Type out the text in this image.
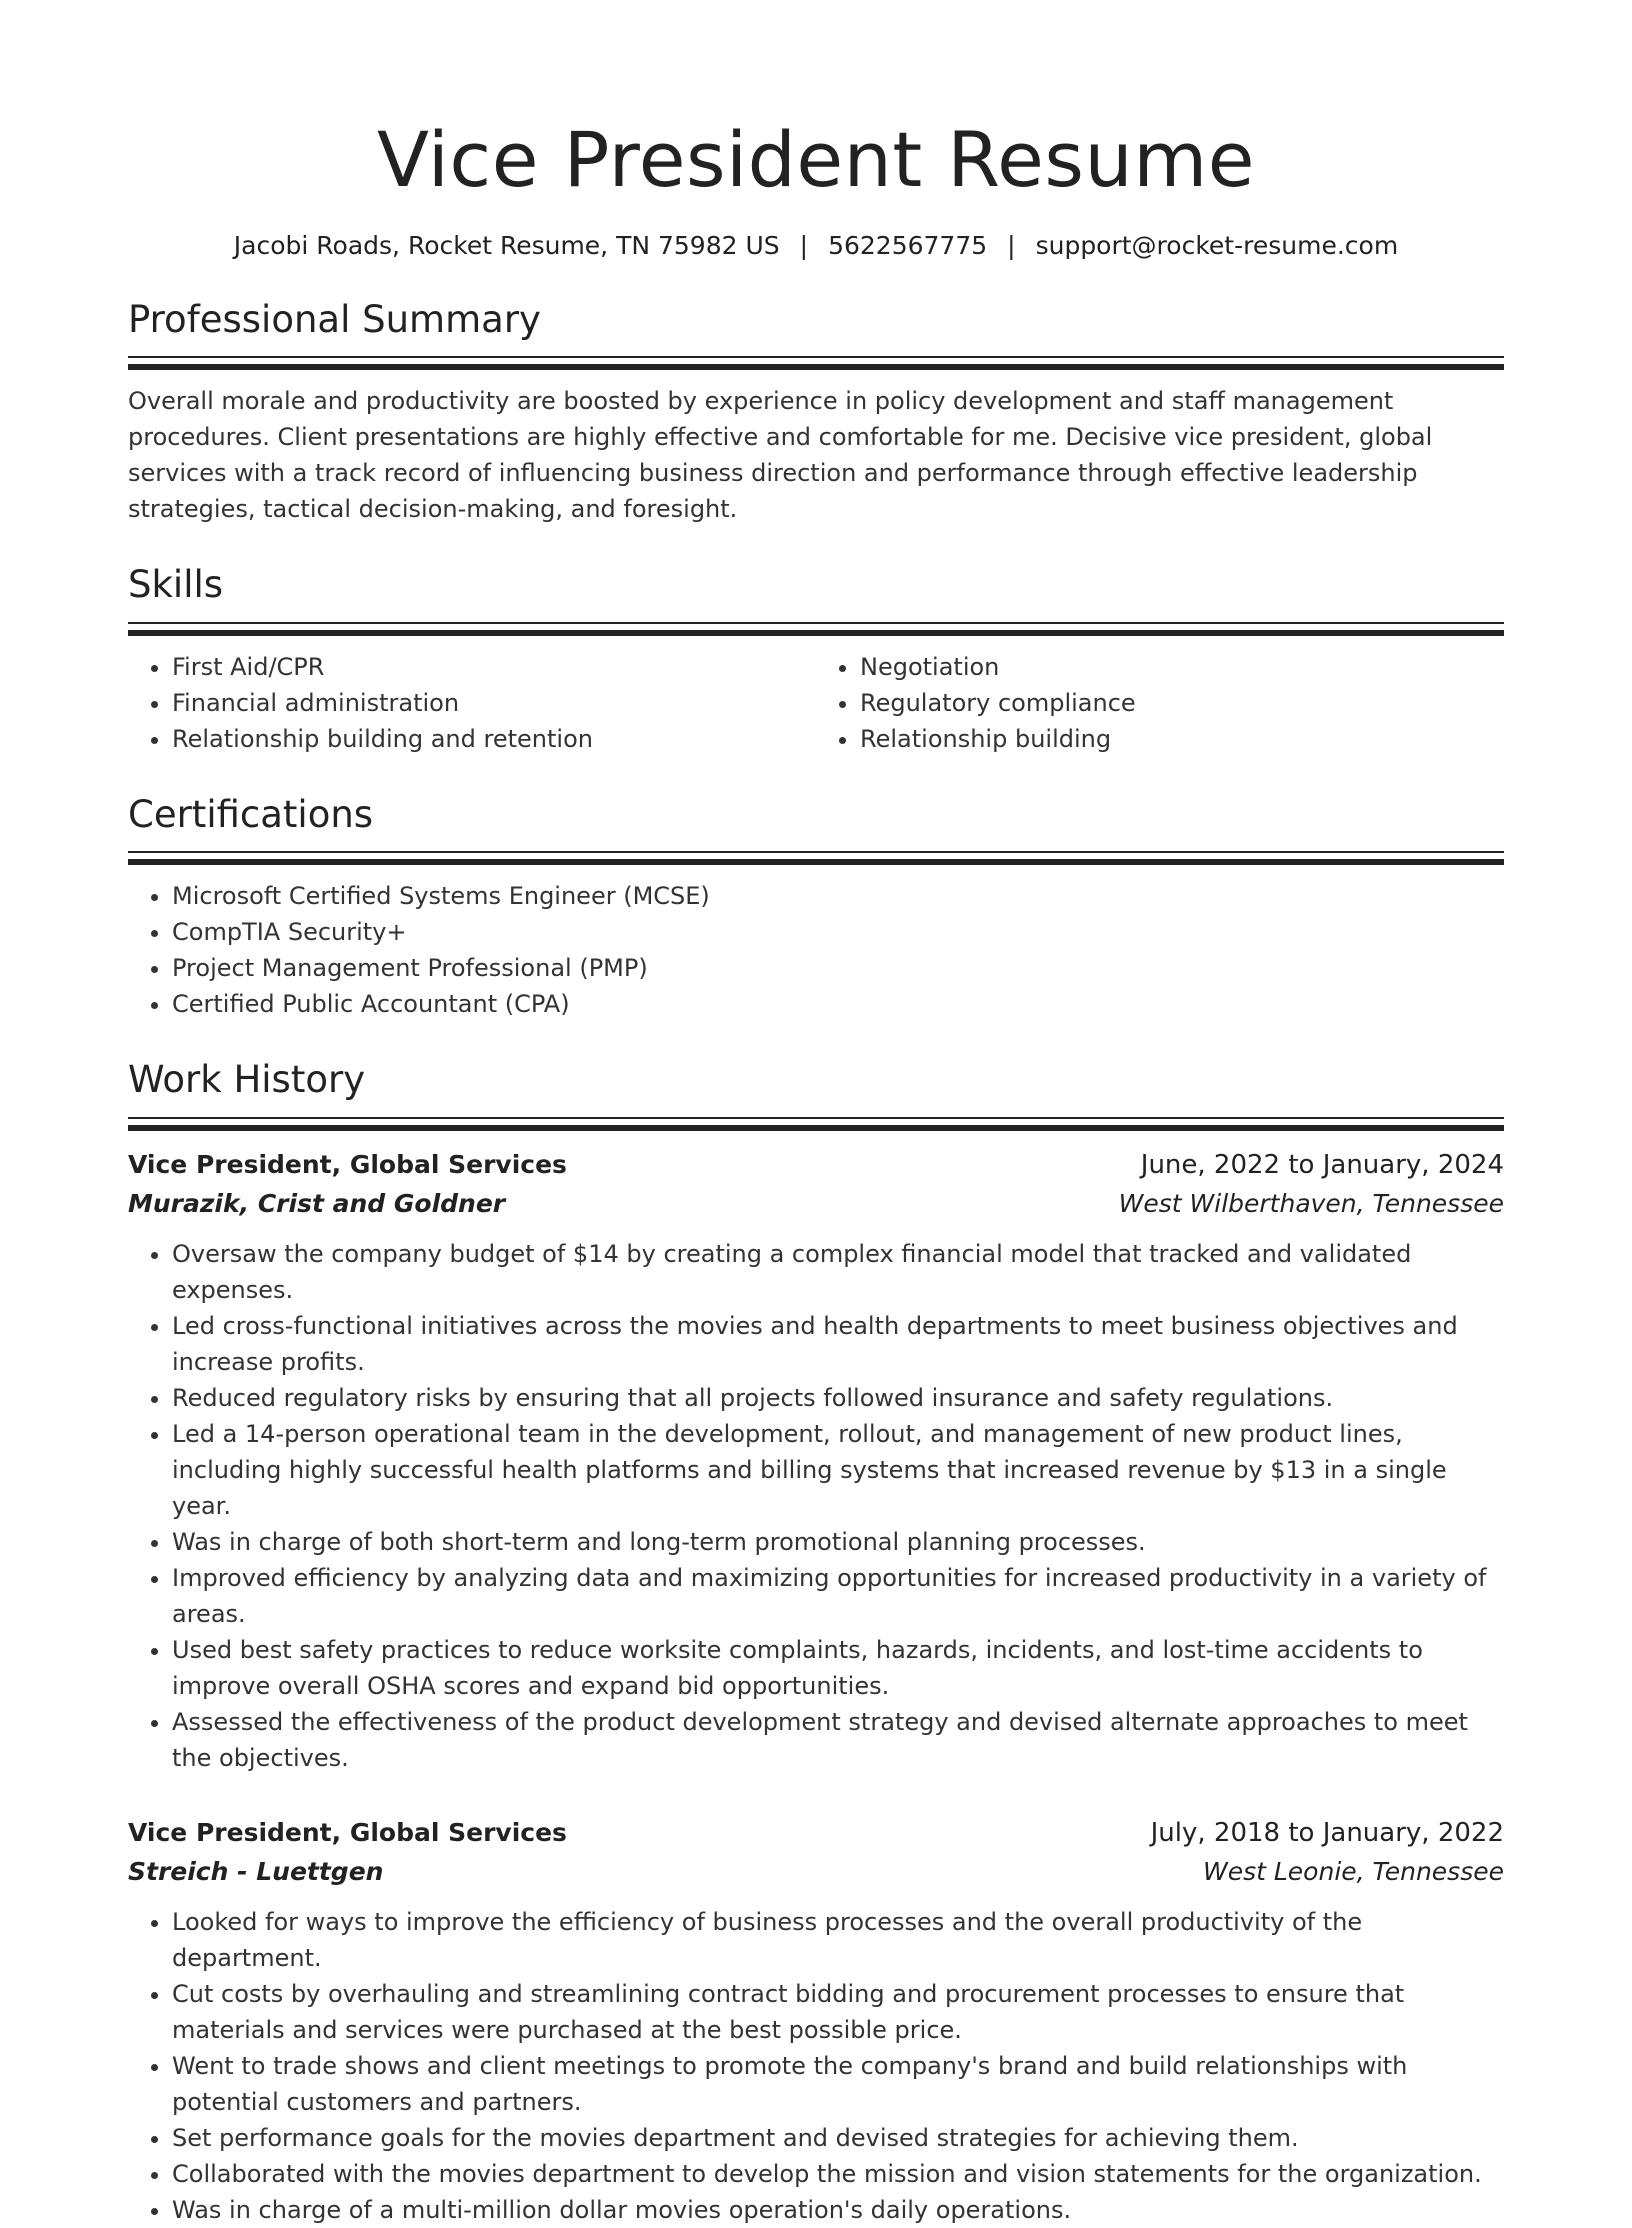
Vice President Resume
Jacobi Roads, Rocket Resume, TN 75982 US | 5622567775 | support@rocket-resume.com
Professional Summary
Overall morale and productivity are boosted by experience in policy development and staff management procedures. Client presentations are highly effective and comfortable for me. Decisive vice president, global services with a track record of influencing business direction and performance through effective leadership strategies, tactical decision-making, and foresight.
Skills
• First Aid/CPR
• Financial administration
• Relationship building and retention
• Negotiation
• Regulatory compliance
• Relationship building
Certifications
• Microsoft Certified Systems Engineer (MCSE)
• CompTIA Security+
• Project Management Professional (PMP)
• Certified Public Accountant (CPA)
Work History
Vice President, Global Services	June, 2022 to January, 2024
Murazik, Crist and Goldner	West Wilberthaven, Tennessee
• Oversaw the company budget of $14 by creating a complex financial model that tracked and validated expenses.
• Led cross-functional initiatives across the movies and health departments to meet business objectives and increase profits.
• Reduced regulatory risks by ensuring that all projects followed insurance and safety regulations.
• Led a 14-person operational team in the development, rollout, and management of new product lines, including highly successful health platforms and billing systems that increased revenue by $13 in a single year.
• Was in charge of both short-term and long-term promotional planning processes.
• Improved efficiency by analyzing data and maximizing opportunities for increased productivity in a variety of areas.
• Used best safety practices to reduce worksite complaints, hazards, incidents, and lost-time accidents to improve overall OSHA scores and expand bid opportunities.
• Assessed the effectiveness of the product development strategy and devised alternate approaches to meet the objectives.
Vice President, Global Services	July, 2018 to January, 2022
Streich - Luettgen	West Leonie, Tennessee
• Looked for ways to improve the efficiency of business processes and the overall productivity of the department.
• Cut costs by overhauling and streamlining contract bidding and procurement processes to ensure that materials and services were purchased at the best possible price.
• Went to trade shows and client meetings to promote the company's brand and build relationships with potential customers and partners.
• Set performance goals for the movies department and devised strategies for achieving them.
• Collaborated with the movies department to develop the mission and vision statements for the organization.
• Was in charge of a multi-million dollar movies operation's daily operations.
